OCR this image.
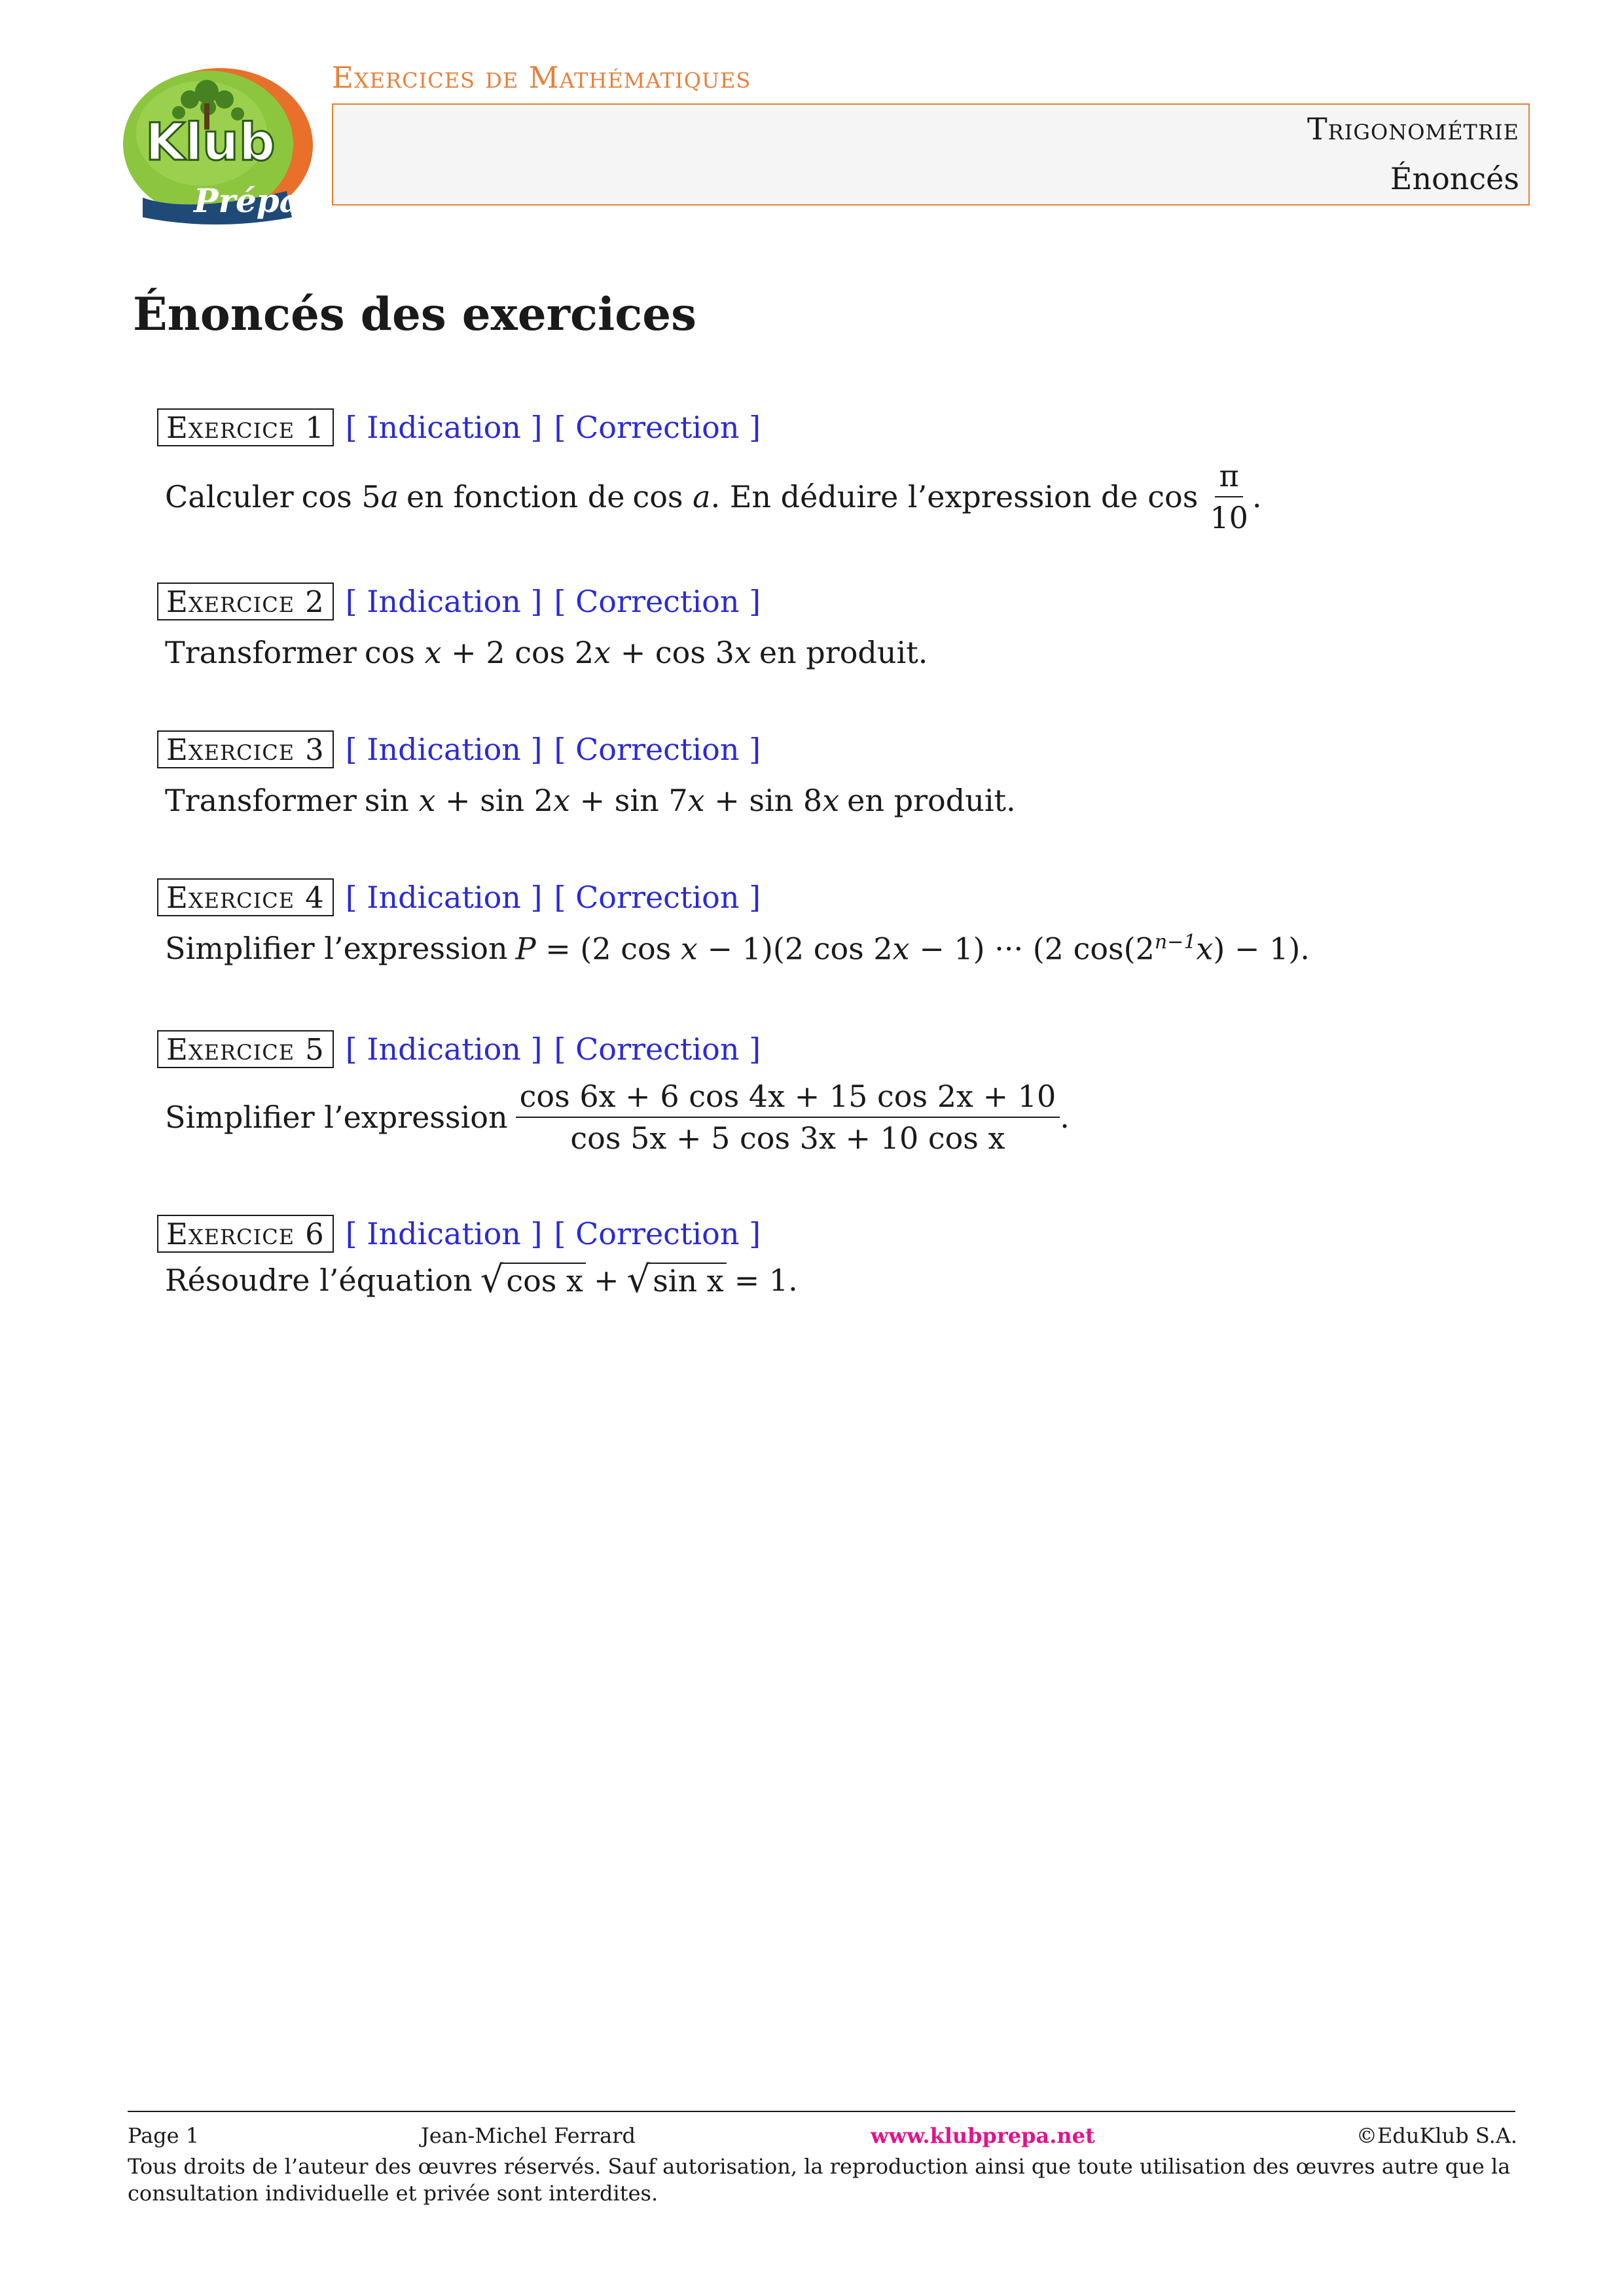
Klub
Prépa
Exercices de Mathématiques
Trigonométrie
Énoncés
Énoncés des exercices
Exercice 1 [ Indication ] [ Correction ]
Calculer cos 5a en fonction de cos a. En déduire l’expression de $\cos \frac{\pi}{10}$ .
Exercice 2 [ Indication ] [ Correction ]
Transformer cos x + 2 cos 2x + cos 3x en produit.
Exercice 3 [ Indication ] [ Correction ]
Transformer sin x + sin 2x + sin 7x + sin 8x en produit.
Exercice 4 [ Indication ] [ Correction ]
Simplifier l’expression P = (2 cos x − 1)(2 cos 2x − 1) ··· (2 $\cos(2^{n-1}x) - 1$).
Exercice 5 [ Indication ] [ Correction ]
Simplifier l’expression $\frac{\cos 6x + 6 \cos 4x + 15 \cos 2x + 10}{\text{cos 5x + 5 cos 3x + 10 cos x}}$ .
Exercice 6 [ Indication ] [ Correction ]
Résoudre l’équation √ cos x + √ sin x = 1.
Page 1	Jean-Michel Ferrard	www.klubprepa.net	©EduKlub S.A.
Tous droits de l’auteur des œuvres réservés. Sauf autorisation, la reproduction ainsi que toute utilisation des œuvres autre que la consultation individuelle et privée sont interdites.
